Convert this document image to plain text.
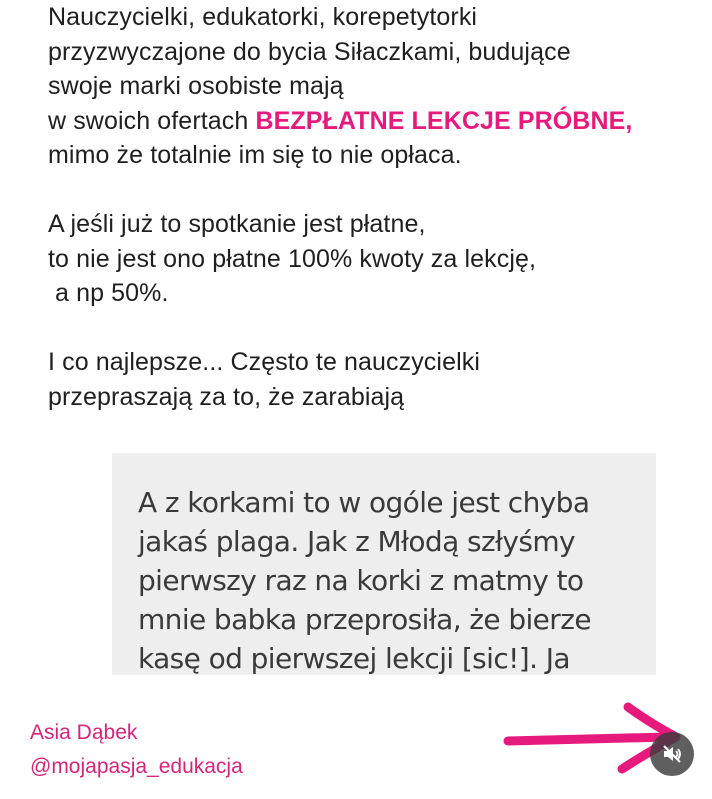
Nauczycielki, edukatorki, korepetytorki
przyzwyczajone do bycia Siłaczkami, budujące
swoje marki osobiste mają
w swoich ofertach BEZPŁATNE LEKCJE PRÓBNE,
mimo że totalnie im się to nie opłaca.

A jeśli już to spotkanie jest płatne,
to nie jest ono płatne 100% kwoty za lekcję,
a np 50%.

I co najlepsze... Często te nauczycielki
przepraszają za to, że zarabiają

A z korkami to w ogóle jest chyba
jakaś plaga. Jak z Młodą szłyśmy
pierwszy raz na korki z matmy to
mnie babka przeprosiła, że bierze
kasę od pierwszej lekcji [sic!]. Ja
Asia Dąbek
@mojapasja_edukacja
